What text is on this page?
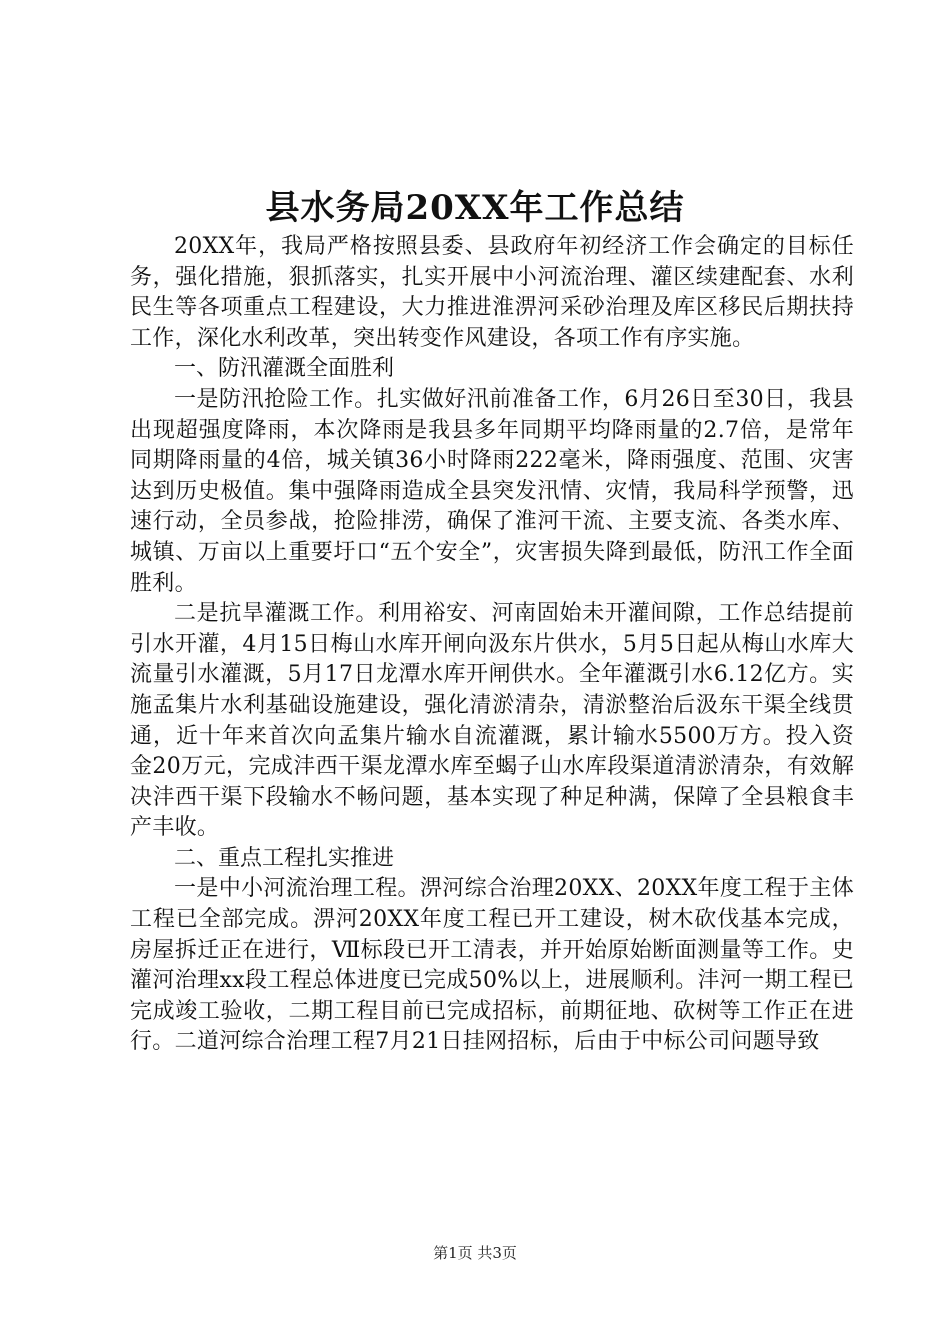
县水务局20XX年工作总结

20XX年，我局严格按照县委、县政府年初经济工作会确定的目标任务，强化措施，狠抓落实，扎实开展中小河流治理、灌区续建配套、水利民生等各项重点工程建设，大力推进淮淠河采砂治理及库区移民后期扶持工作，深化水利改革，突出转变作风建设，各项工作有序实施。

一、防汛灌溉全面胜利

一是防汛抢险工作。扎实做好汛前准备工作，6月26日至30日，我县出现超强度降雨，本次降雨是我县多年同期平均降雨量的2.7倍，是常年同期降雨量的4倍，城关镇36小时降雨222毫米，降雨强度、范围、灾害达到历史极值。集中强降雨造成全县突发汛情、灾情，我局科学预警，迅速行动，全员参战，抢险排涝，确保了淮河干流、主要支流、各类水库、城镇、万亩以上重要圩口“五个安全”，灾害损失降到最低，防汛工作全面胜利。

二是抗旱灌溉工作。利用裕安、河南固始未开灌间隙，工作总结提前引水开灌，4月15日梅山水库开闸向汲东片供水，5月5日起从梅山水库大流量引水灌溉，5月17日龙潭水库开闸供水。全年灌溉引水6.12亿方。实施孟集片水利基础设施建设，强化清淤清杂，清淤整治后汲东干渠全线贯通，近十年来首次向孟集片输水自流灌溉，累计输水5500万方。投入资金20万元，完成沣西干渠龙潭水库至蝎子山水库段渠道清淤清杂，有效解决沣西干渠下段输水不畅问题，基本实现了种足种满，保障了全县粮食丰产丰收。

二、重点工程扎实推进

一是中小河流治理工程。淠河综合治理20XX、20XX年度工程于主体工程已全部完成。淠河20XX年度工程已开工建设，树木砍伐基本完成，房屋拆迁正在进行，Ⅶ标段已开工清表，并开始原始断面测量等工作。史灌河治理xx段工程总体进度已完成50%以上，进展顺利。沣河一期工程已完成竣工验收，二期工程目前已完成招标，前期征地、砍树等工作正在进行。二道河综合治理工程7月21日挂网招标，后由于中标公司问题导致

第1页 共3页
